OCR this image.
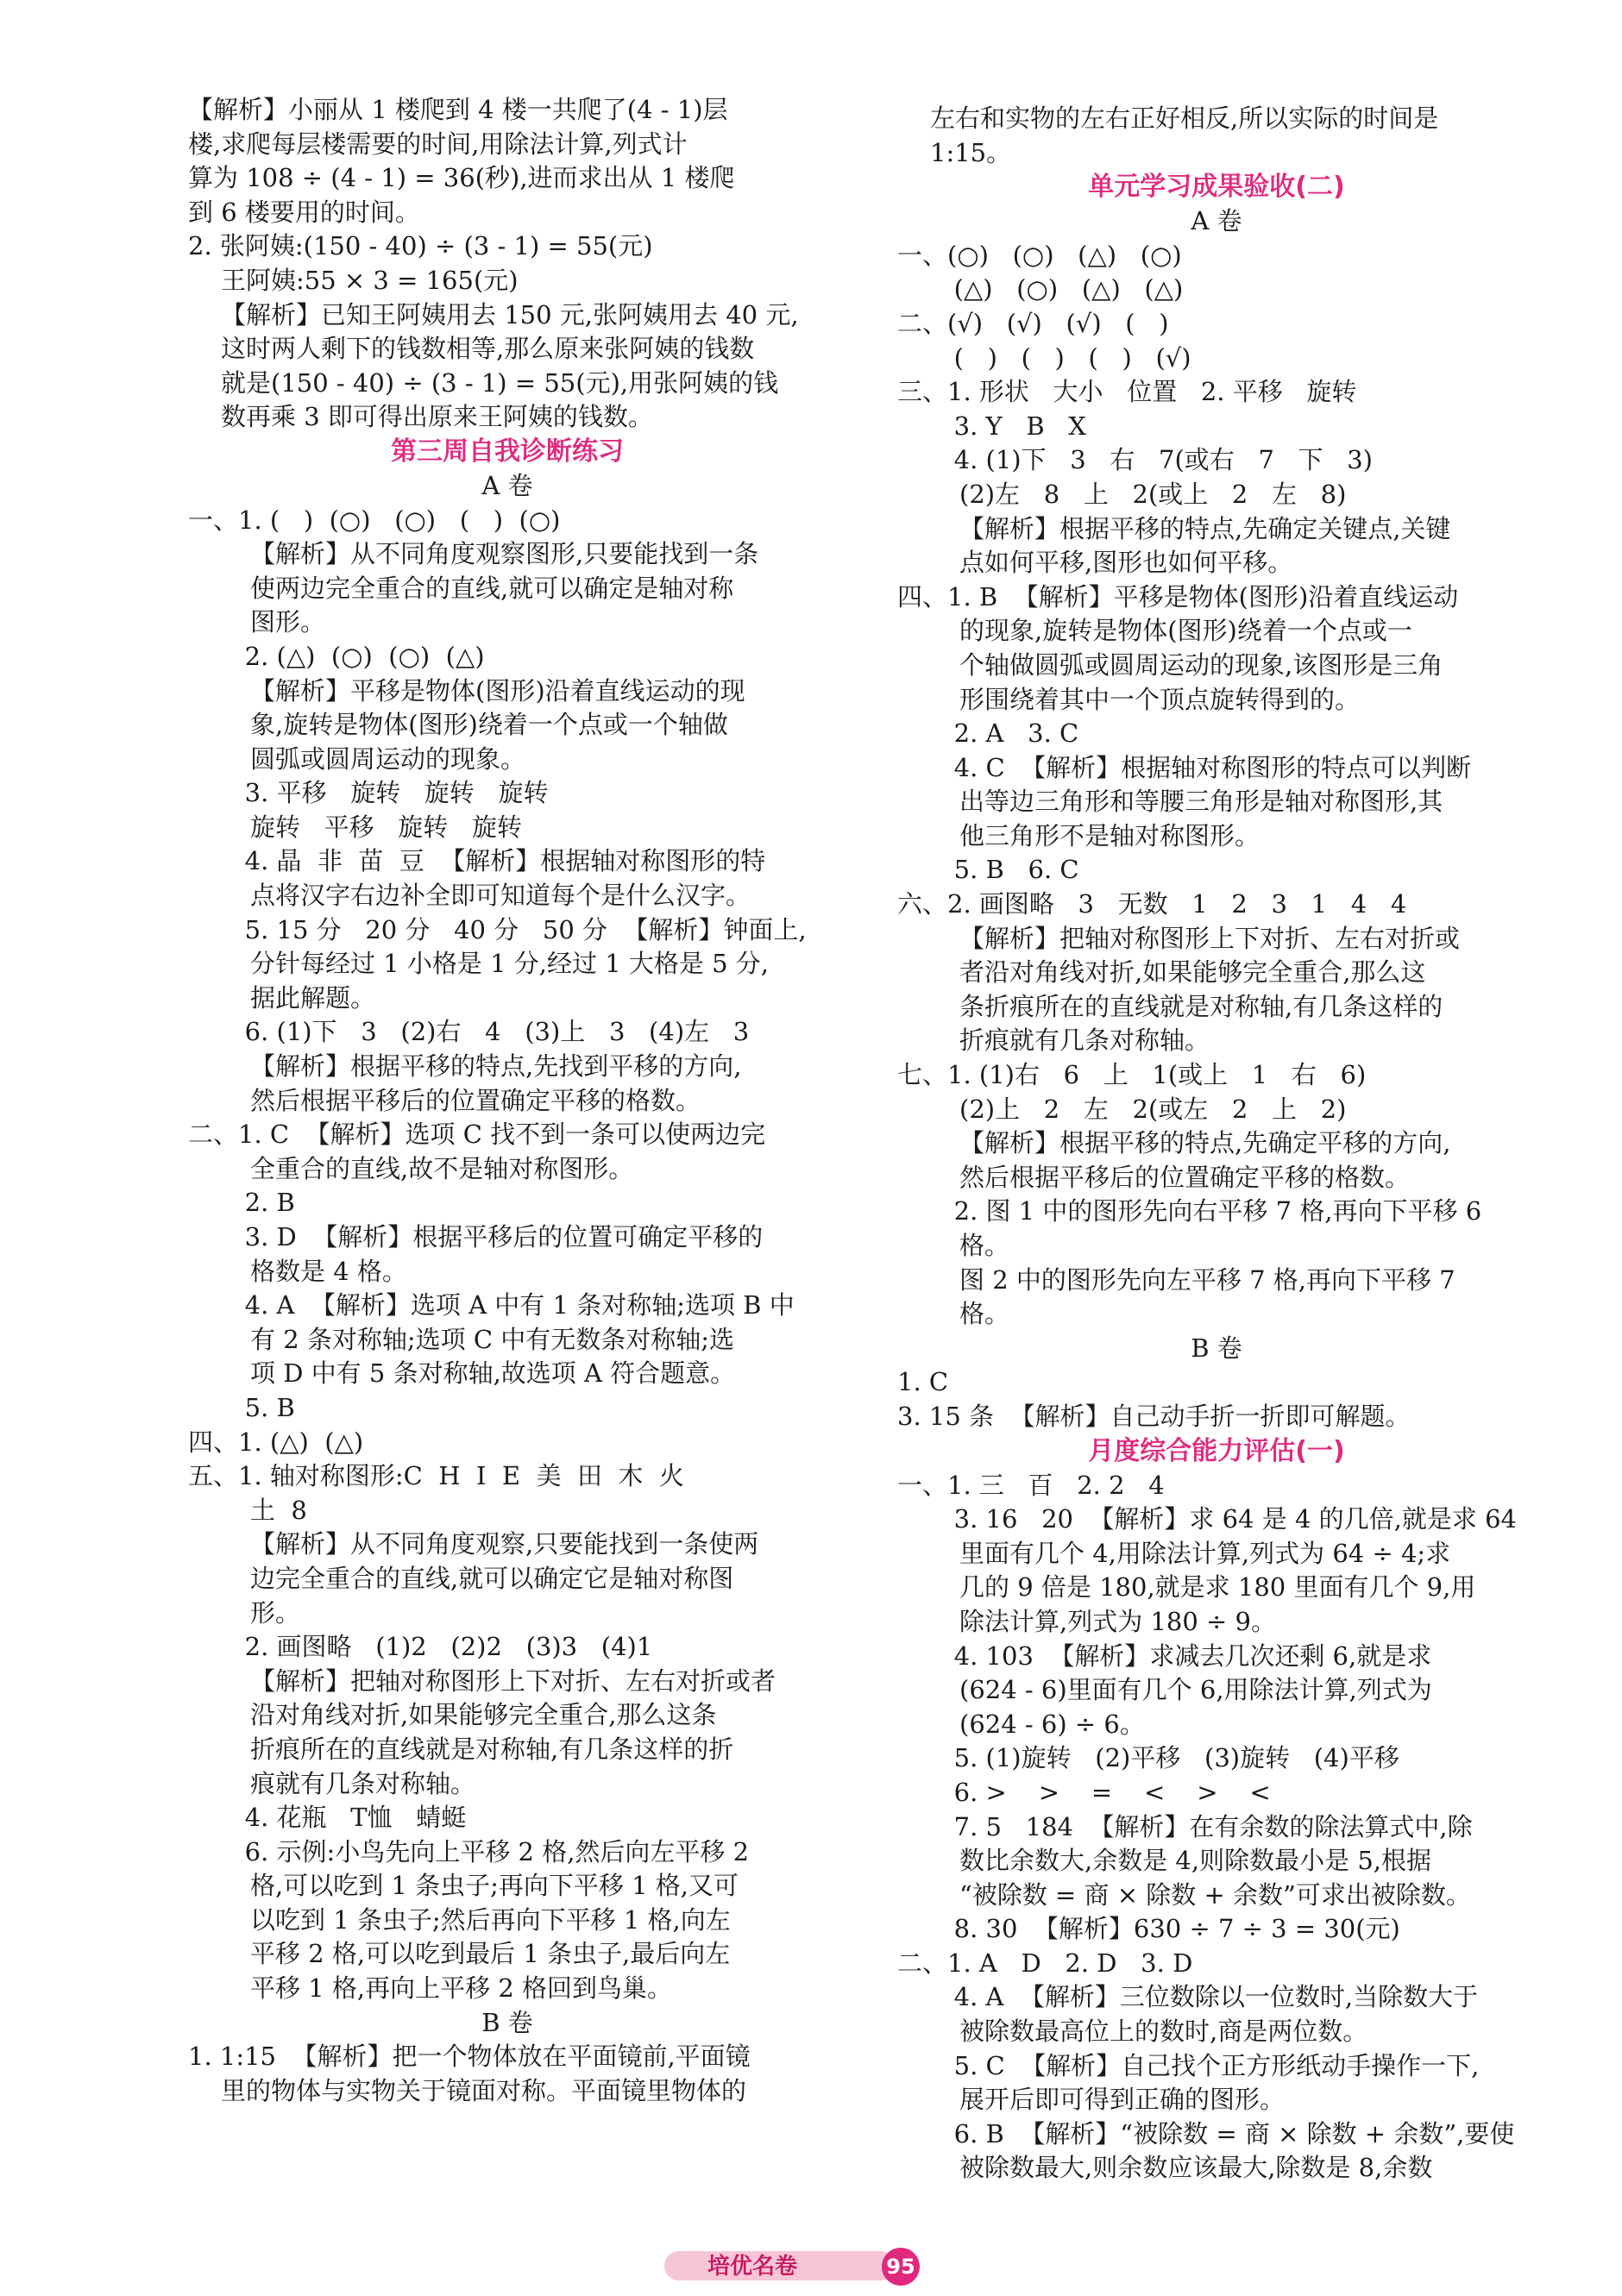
【解析】小丽从 1 楼爬到 4 楼一共爬了(4 - 1)层
楼,求爬每层楼需要的时间,用除法计算,列式计
算为 108 ÷ (4 - 1) = 36(秒),进而求出从 1 楼爬
到 6 楼要用的时间。
2. 张阿姨:(150 - 40) ÷ (3 - 1) = 55(元)
王阿姨:55 × 3 = 165(元)
【解析】已知王阿姨用去 150 元,张阿姨用去 40 元,
这时两人剩下的钱数相等,那么原来张阿姨的钱数
就是(150 - 40) ÷ (3 - 1) = 55(元),用张阿姨的钱
数再乘 3 即可得出原来王阿姨的钱数。
第三周自我诊断练习
A 卷
一、1. (   )  (○)   (○)   (   )  (○)
【解析】从不同角度观察图形,只要能找到一条
使两边完全重合的直线,就可以确定是轴对称
图形。
2. (△)  (○)  (○)  (△)
【解析】平移是物体(图形)沿着直线运动的现
象,旋转是物体(图形)绕着一个点或一个轴做
圆弧或圆周运动的现象。
3. 平移   旋转   旋转   旋转
旋转   平移   旋转   旋转
4. 晶  非  苗  豆  【解析】根据轴对称图形的特
点将汉字右边补全即可知道每个是什么汉字。
5. 15 分   20 分   40 分   50 分  【解析】钟面上,
分针每经过 1 小格是 1 分,经过 1 大格是 5 分,
据此解题。
6. (1)下   3   (2)右   4   (3)上   3   (4)左   3
【解析】根据平移的特点,先找到平移的方向,
然后根据平移后的位置确定平移的格数。
二、1. C  【解析】选项 C 找不到一条可以使两边完
全重合的直线,故不是轴对称图形。
2. B
3. D  【解析】根据平移后的位置可确定平移的
格数是 4 格。
4. A  【解析】选项 A 中有 1 条对称轴;选项 B 中
有 2 条对称轴;选项 C 中有无数条对称轴;选
项 D 中有 5 条对称轴,故选项 A 符合题意。
5. B
四、1. (△)  (△)
五、1. 轴对称图形:C  H  I  E  美  田  木  火
土  8
【解析】从不同角度观察,只要能找到一条使两
边完全重合的直线,就可以确定它是轴对称图
形。
2. 画图略   (1)2   (2)2   (3)3   (4)1
【解析】把轴对称图形上下对折、左右对折或者
沿对角线对折,如果能够完全重合,那么这条
折痕所在的直线就是对称轴,有几条这样的折
痕就有几条对称轴。
4. 花瓶   T恤   蜻蜓
6. 示例:小鸟先向上平移 2 格,然后向左平移 2
格,可以吃到 1 条虫子;再向下平移 1 格,又可
以吃到 1 条虫子;然后再向下平移 1 格,向左
平移 2 格,可以吃到最后 1 条虫子,最后向左
平移 1 格,再向上平移 2 格回到鸟巢。
B 卷
1. 1:15  【解析】把一个物体放在平面镜前,平面镜
里的物体与实物关于镜面对称。平面镜里物体的
左右和实物的左右正好相反,所以实际的时间是
1:15。
单元学习成果验收(二)
A 卷
一、(○)   (○)   (△)   (○)
(△)   (○)   (△)   (△)
二、(√)   (√)   (√)   (   )
(   )   (   )   (   )   (√)
三、1. 形状   大小   位置   2. 平移   旋转
3. Y   B   X
4. (1)下   3   右   7(或右   7   下   3)
(2)左   8   上   2(或上   2   左   8)
【解析】根据平移的特点,先确定关键点,关键
点如何平移,图形也如何平移。
四、1. B  【解析】平移是物体(图形)沿着直线运动
的现象,旋转是物体(图形)绕着一个点或一
个轴做圆弧或圆周运动的现象,该图形是三角
形围绕着其中一个顶点旋转得到的。
2. A   3. C
4. C  【解析】根据轴对称图形的特点可以判断
出等边三角形和等腰三角形是轴对称图形,其
他三角形不是轴对称图形。
5. B   6. C
六、2. 画图略   3   无数   1   2   3   1   4   4
【解析】把轴对称图形上下对折、左右对折或
者沿对角线对折,如果能够完全重合,那么这
条折痕所在的直线就是对称轴,有几条这样的
折痕就有几条对称轴。
七、1. (1)右   6   上   1(或上   1   右   6)
(2)上   2   左   2(或左   2   上   2)
【解析】根据平移的特点,先确定平移的方向,
然后根据平移后的位置确定平移的格数。
2. 图 1 中的图形先向右平移 7 格,再向下平移 6
格。
图 2 中的图形先向左平移 7 格,再向下平移 7
格。
B 卷
1. C
3. 15 条  【解析】自己动手折一折即可解题。
月度综合能力评估(一)
一、1. 三   百   2. 2   4
3. 16   20  【解析】求 64 是 4 的几倍,就是求 64
里面有几个 4,用除法计算,列式为 64 ÷ 4;求
几的 9 倍是 180,就是求 180 里面有几个 9,用
除法计算,列式为 180 ÷ 9。
4. 103  【解析】求减去几次还剩 6,就是求
(624 - 6)里面有几个 6,用除法计算,列式为
(624 - 6) ÷ 6。
5. (1)旋转   (2)平移   (3)旋转   (4)平移
6. >    >    =    <    >    <
7. 5   184  【解析】在有余数的除法算式中,除
数比余数大,余数是 4,则除数最小是 5,根据
“被除数 = 商 × 除数 + 余数”可求出被除数。
8. 30  【解析】630 ÷ 7 ÷ 3 = 30(元)
二、1. A   D   2. D   3. D
4. A  【解析】三位数除以一位数时,当除数大于
被除数最高位上的数时,商是两位数。
5. C  【解析】自己找个正方形纸动手操作一下,
展开后即可得到正确的图形。
6. B  【解析】“被除数 = 商 × 除数 + 余数”,要使
被除数最大,则余数应该最大,除数是 8,余数
培优名卷	95
